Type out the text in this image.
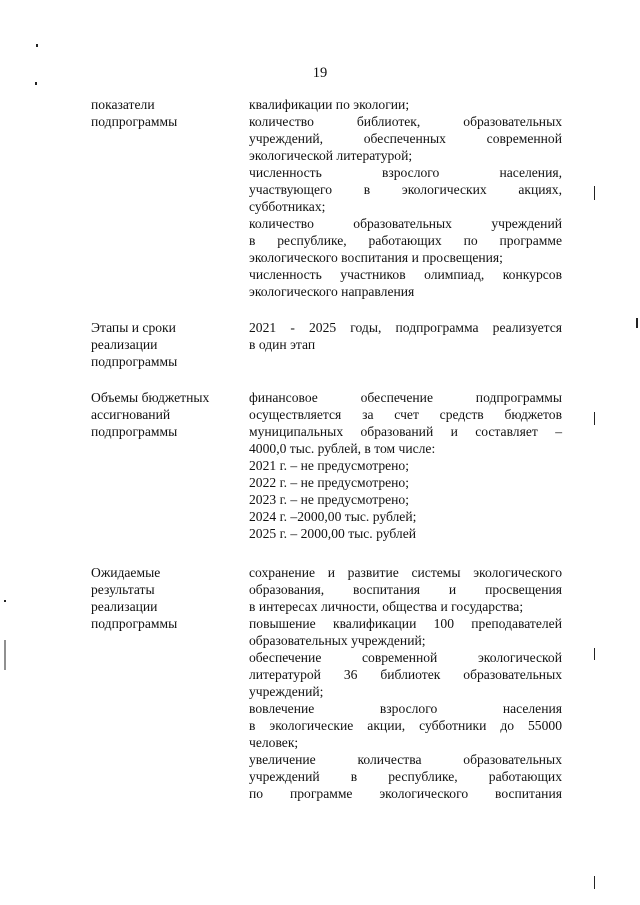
19
показатели
подпрограммы
квалификации по экологии;
количество библиотек, образовательных
учреждений, обеспеченных современной
экологической литературой;
численность взрослого населения,
участвующего в экологических акциях,
субботниках;
количество образовательных учреждений
в республике, работающих по программе
экологического воспитания и просвещения;
численность участников олимпиад, конкурсов
экологического направления
Этапы и сроки
реализации
подпрограммы
2021 - 2025 годы, подпрограмма реализуется
в один этап
Объемы бюджетных
ассигнований
подпрограммы
финансовое обеспечение подпрограммы
осуществляется за счет средств бюджетов
муниципальных образований и составляет –
4000,0 тыс. рублей, в том числе:
2021 г. – не предусмотрено;
2022 г. – не предусмотрено;
2023 г. – не предусмотрено;
2024 г. –2000,00 тыс. рублей;
2025 г. – 2000,00 тыс. рублей
Ожидаемые
результаты
реализации
подпрограммы
сохранение и развитие системы экологического
образования, воспитания и просвещения
в интересах личности, общества и государства;
повышение квалификации 100 преподавателей
образовательных учреждений;
обеспечение современной экологической
литературой 36 библиотек образовательных
учреждений;
вовлечение взрослого населения
в экологические акции, субботники до 55000
человек;
увеличение количества образовательных
учреждений в республике, работающих
по программе экологического воспитания
